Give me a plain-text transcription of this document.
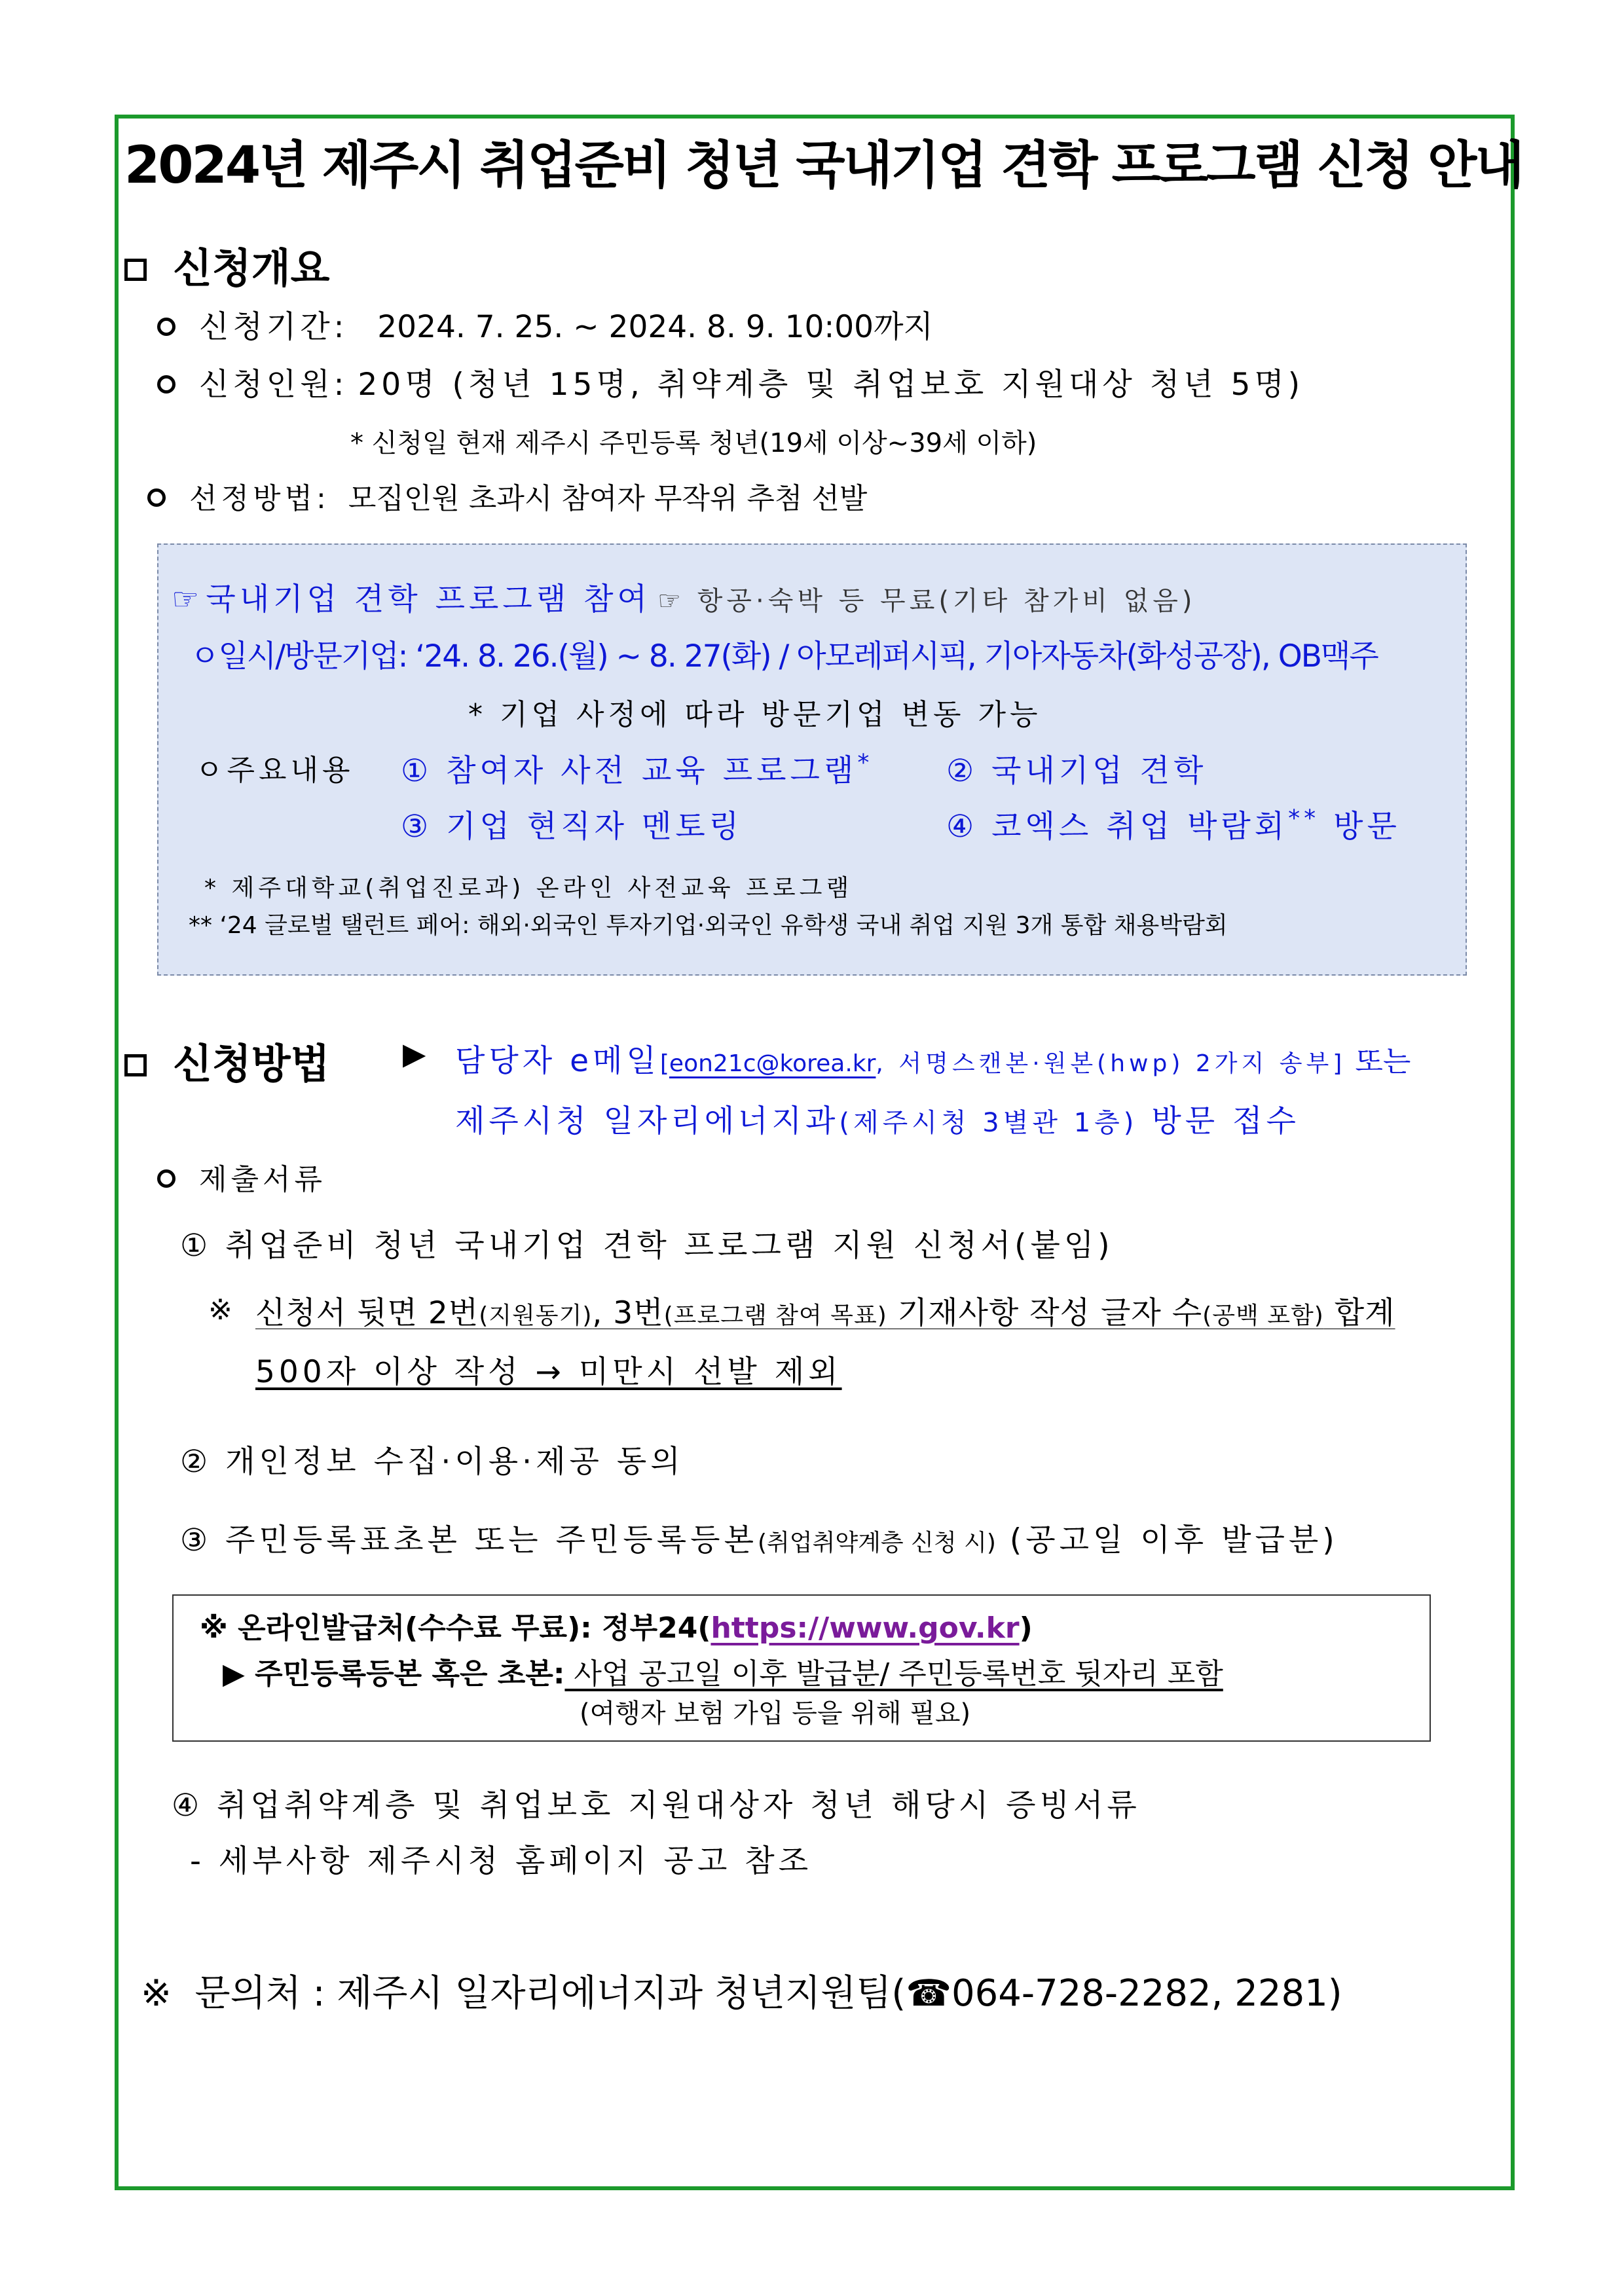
2024년 제주시 취업준비 청년 국내기업 견학 프로그램 신청 안내
신청개요
신청기간: 2024. 7. 25. ~ 2024. 8. 9. 10:00까지
신청인원: 20명 (청년 15명, 취약계층 및 취업보호 지원대상 청년 5명)
* 신청일 현재 제주시 주민등록 청년(19세 이상~39세 이하)
선정방법: 모집인원 초과시 참여자 무작위 추첨 선발
☞ 국내기업 견학 프로그램 참여 ☞ 항공·숙박 등 무료(기타 참가비 없음)
ㅇ일시/방문기업: ‘24. 8. 26.(월) ~ 8. 27(화) / 아모레퍼시픽, 기아자동차(화성공장), OB맥주
* 기업 사정에 따라 방문기업 변동 가능
ㅇ주요내용 ① 참여자 사전 교육 프로그램* ② 국내기업 견학
③ 기업 현직자 멘토링	④ 코엑스 취업 박람회** 방문
* 제주대학교(취업진로과) 온라인 사전교육 프로그램
** ‘24 글로벌 탤런트 페어: 해외·외국인 투자기업·외국인 유학생 국내 취업 지원 3개 통합 채용박람회
신청방법 ▶ 담당자 e메일[eon21c@korea.kr, 서명스캔본·원본(hwp) 2가지 송부] 또는
제주시청 일자리에너지과(제주시청 3별관 1층) 방문 접수
제출서류
① 취업준비 청년 국내기업 견학 프로그램 지원 신청서(붙임)
※ 신청서 뒷면 2번(지원동기), 3번(프로그램 참여 목표) 기재사항 작성 글자 수(공백 포함) 합계
500자 이상 작성 → 미만시 선발 제외
② 개인정보 수집·이용·제공 동의
③ 주민등록표초본 또는 주민등록등본(취업취약계층 신청 시) (공고일 이후 발급분)
※ 온라인발급처(수수료 무료): 정부24(https://www.gov.kr)
▶ 주민등록등본 혹은 초본: 사업 공고일 이후 발급분/ 주민등록번호 뒷자리 포함
(여행자 보험 가입 등을 위해 필요)
④ 취업취약계층 및 취업보호 지원대상자 청년 해당시 증빙서류
- 세부사항 제주시청 홈페이지 공고 참조
※ 문의처 : 제주시 일자리에너지과 청년지원팀(☎064-728-2282, 2281)
